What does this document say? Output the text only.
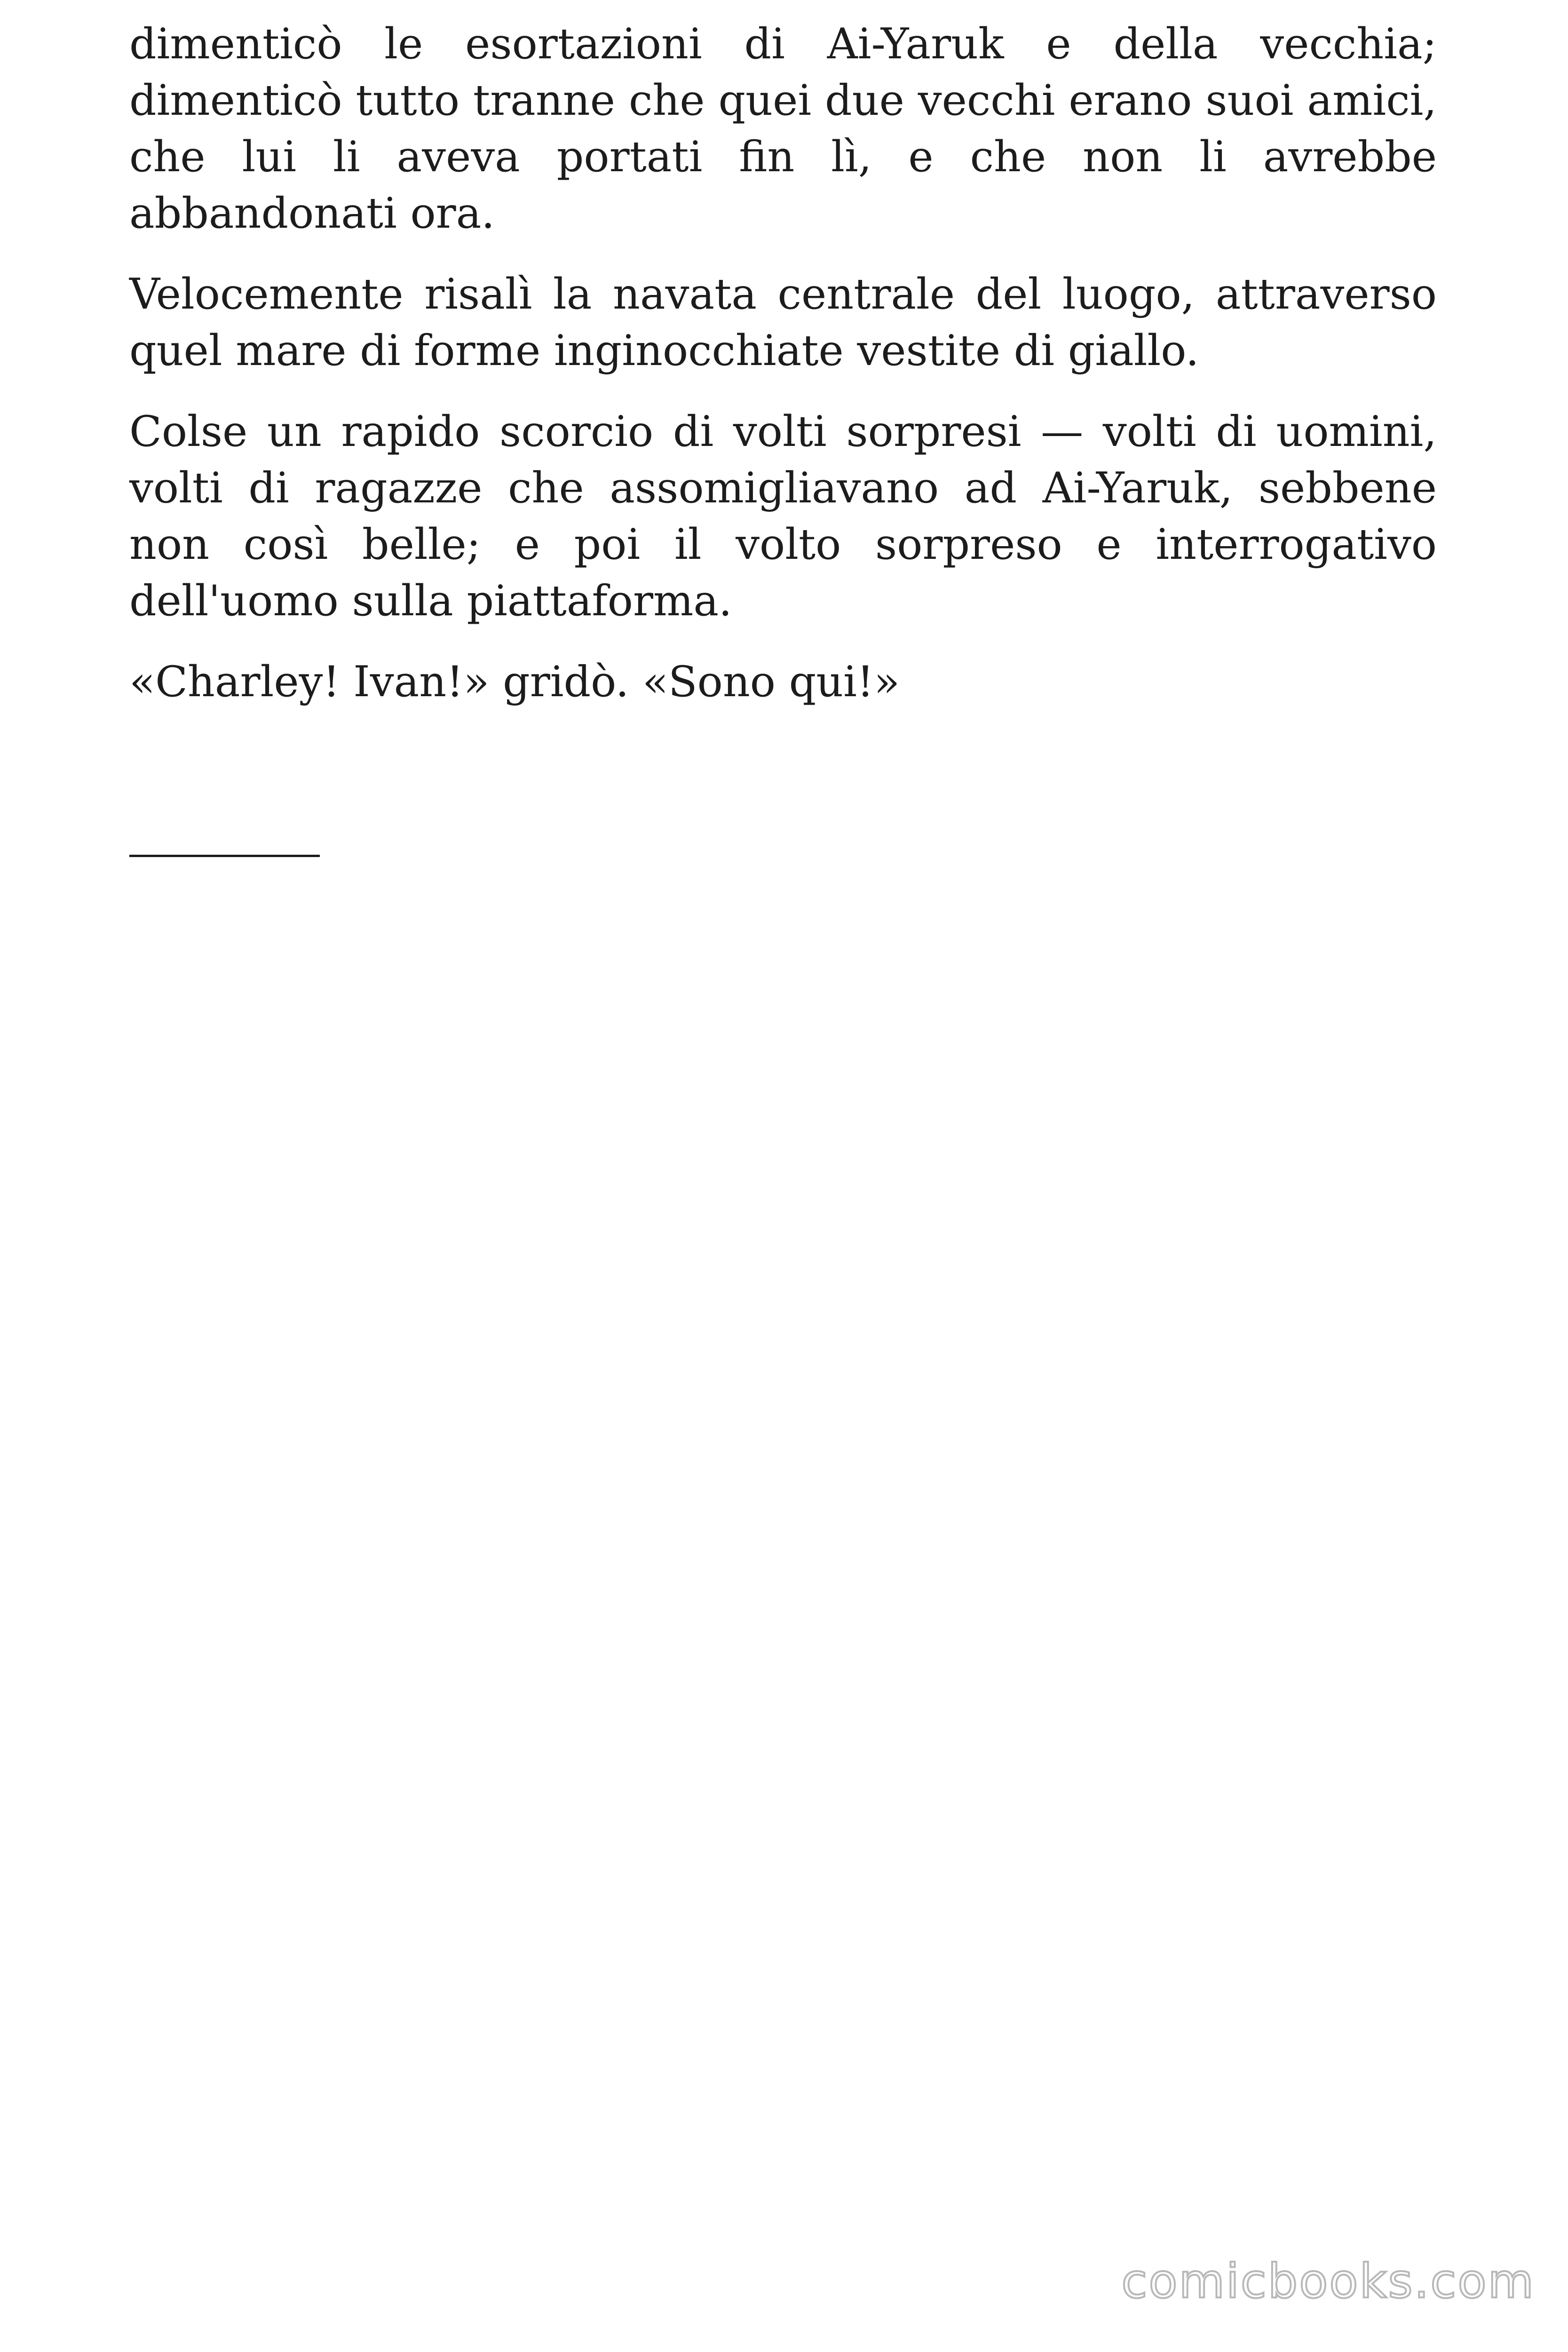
dimenticò le esortazioni di Ai-Yaruk e della vecchia; dimenticò tutto tranne che quei due vecchi erano suoi amici, che lui li aveva portati fin lì, e che non li avrebbe abbandonati ora.

Velocemente risalì la navata centrale del luogo, attraverso quel mare di forme inginocchiate vestite di giallo.

Colse un rapido scorcio di volti sorpresi — volti di uomini, volti di ragazze che assomigliavano ad Ai-Yaruk, sebbene non così belle; e poi il volto sorpreso e interrogativo dell'uomo sulla piattaforma.

«Charley! Ivan!» gridò. «Sono qui!»

comicbooks.com
